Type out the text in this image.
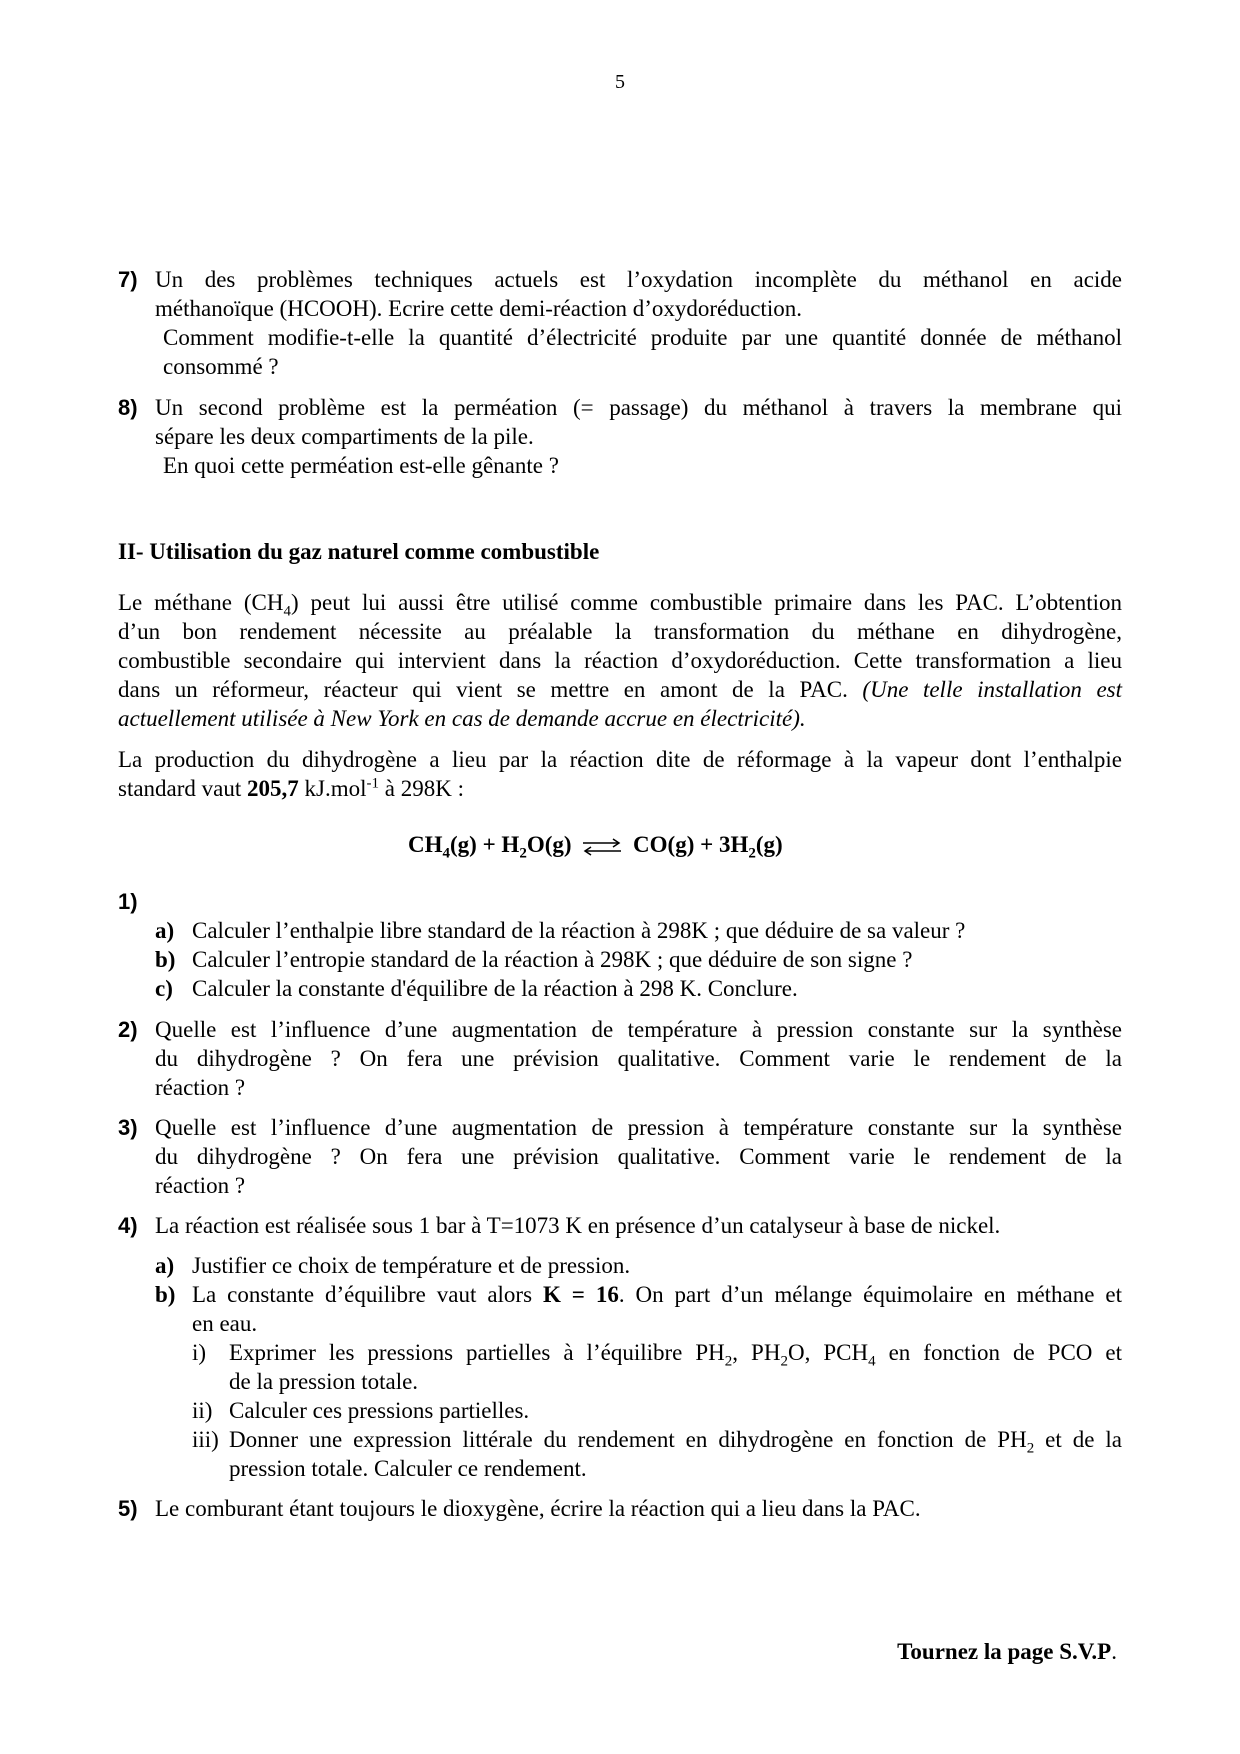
5
7) Un des problèmes techniques actuels est l’oxydation incomplète du méthanol en acide
méthanoïque (HCOOH). Ecrire cette demi-réaction d’oxydoréduction.
Comment modifie-t-elle la quantité d’électricité produite par une quantité donnée de méthanol
consommé ?
8) Un second problème est la perméation (= passage) du méthanol à travers la membrane qui
sépare les deux compartiments de la pile.
En quoi cette perméation est-elle gênante ?
II- Utilisation du gaz naturel comme combustible
Le méthane $(CH_4)$ peut lui aussi être utilisé comme combustible primaire dans les PAC. L’obtention
d’un bon rendement nécessite au préalable la transformation du méthane en dihydrogène,
combustible secondaire qui intervient dans la réaction d’oxydoréduction. Cette transformation a lieu
dans un réformeur, réacteur qui vient se mettre en amont de la PAC. (Une telle installation est
actuellement utilisée à New York en cas de demande accrue en électricité).
La production du dihydrogène a lieu par la réaction dite de réformage à la vapeur dont l’enthalpie
standard vaut 205,7 kJ.mol$^{-1}$ à 298K :
$CH_4(g) + H_2O(g)$ ⇌ $CO(g) + 3H_2(g)$
1)
a) Calculer l’enthalpie libre standard de la réaction à 298K ; que déduire de sa valeur ?
b) Calculer l’entropie standard de la réaction à 298K ; que déduire de son signe ?
c) Calculer la constante d'équilibre de la réaction à 298 K. Conclure.
2) Quelle est l’influence d’une augmentation de température à pression constante sur la synthèse
du dihydrogène ? On fera une prévision qualitative. Comment varie le rendement de la
réaction ?
3) Quelle est l’influence d’une augmentation de pression à température constante sur la synthèse
du dihydrogène ? On fera une prévision qualitative. Comment varie le rendement de la
réaction ?
4) La réaction est réalisée sous 1 bar à T=1073 K en présence d’un catalyseur à base de nickel.
a) Justifier ce choix de température et de pression.
b) La constante d’équilibre vaut alors K = 16. On part d’un mélange équimolaire en méthane et
en eau.
i) Exprimer les pressions partielles à l’équilibre $PH_2$, $PH_2O$, $PCH_4$ en fonction de PCO et
de la pression totale.
ii) Calculer ces pressions partielles.
iii) Donner une expression littérale du rendement en dihydrogène en fonction de $PH_2$ et de la
pression totale. Calculer ce rendement.
5) Le comburant étant toujours le dioxygène, écrire la réaction qui a lieu dans la PAC.
Tournez la page S.V.P.
